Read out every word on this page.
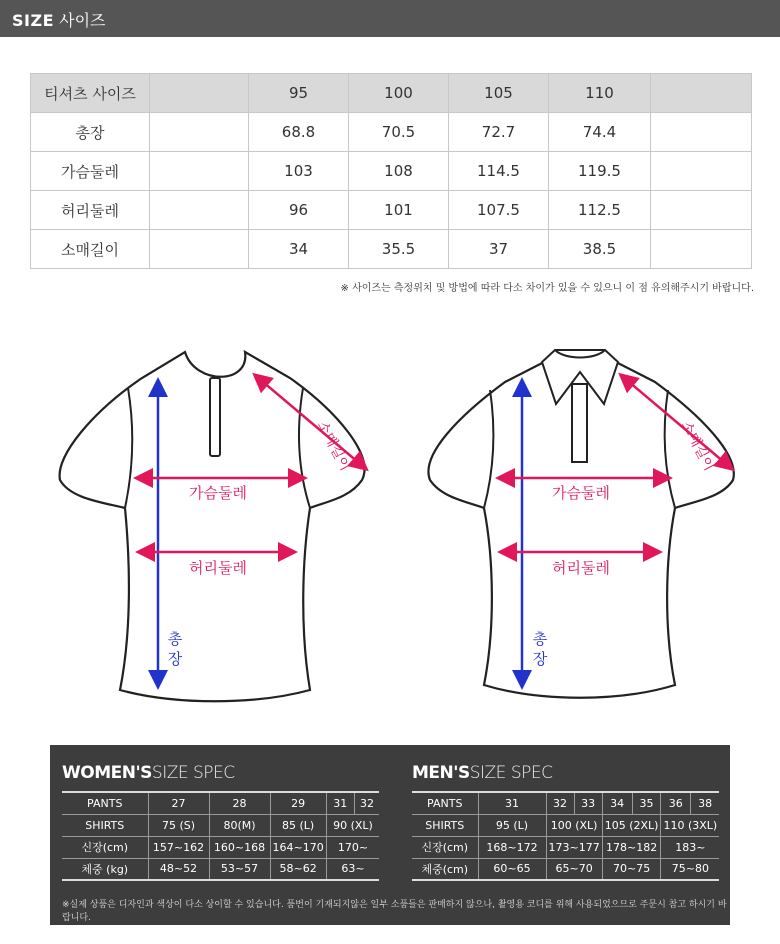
SIZE 사이즈
티셔츠 사이즈		95	100	105	110	
총장		68.8	70.5	72.7	74.4	
가슴둘레		103	108	114.5	119.5	
허리둘레		96	101	107.5	112.5	
소매길이		34	35.5	37	38.5	
※ 사이즈는 측정위치 및 방법에 따라 다소 차이가 있을 수 있으니 이 점 유의해주시기 바랍니다.
가슴둘레
허리둘레
소매길이
총
장
가슴둘레
허리둘레
소매길이
총
장
WOMEN'SSIZE SPEC	MEN'SSIZE SPEC
PANTS	27	28	29	31	32
SHIRTS	75 (S)	80(M)	85 (L)	90 (XL)	
신장(cm)	157~162	160~168	164~170	170~	
체중 (kg)	48~52	53~57	58~62	63~	
PANTS	31	32	33	34	35	36	38
SHIRTS	95 (L)	100 (XL)		105 (2XL)		110 (3XL)	
신장(cm)	168~172	173~177		178~182		183~	
체중(cm)	60~65	65~70		70~75		75~80	
※실제 상품은 디자인과 색상이 다소 상이할 수 있습니다. 품번이 기재되지않은 일부 소품들은 판매하지 않으나, 촬영용 코디를 위해 사용되었으므로 주문시 참고 하시기 바랍니다.
